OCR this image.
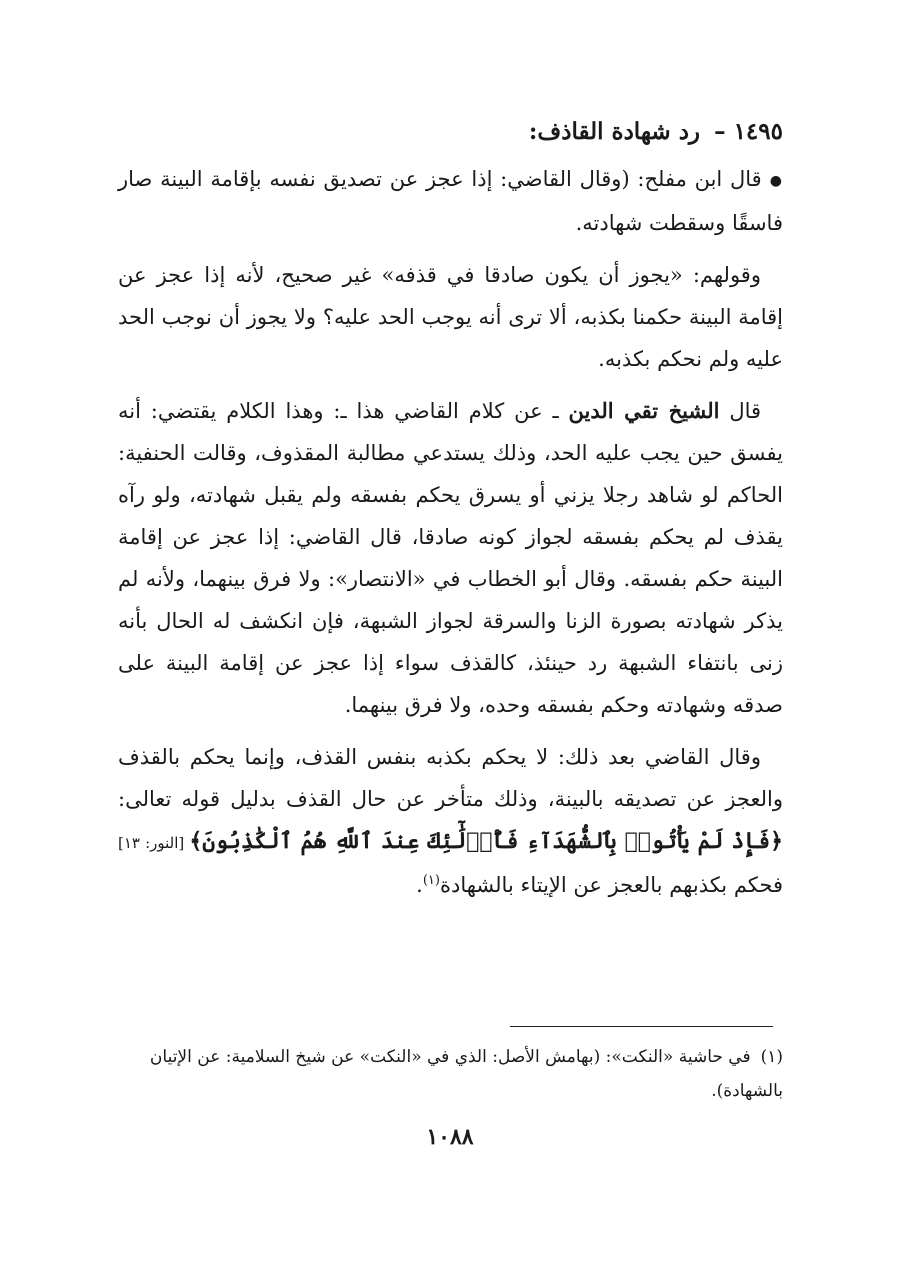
١٤٩٥ – رد شهادة القاذف:

●قال ابن مفلح: (وقال القاضي: إذا عجز عن تصديق نفسه بإقامة البينة صار فاسقًا وسقطت شهادته.

وقولهم: «يجوز أن يكون صادقا في قذفه» غير صحيح، لأنه إذا عجز عن إقامة البينة حكمنا بكذبه، ألا ترى أنه يوجب الحد عليه؟ ولا يجوز أن نوجب الحد عليه ولم نحكم بكذبه.

قال الشيخ تقي الدين ـ عن كلام القاضي هذا ـ: وهذا الكلام يقتضي: أنه يفسق حين يجب عليه الحد، وذلك يستدعي مطالبة المقذوف، وقالت الحنفية: الحاكم لو شاهد رجلا يزني أو يسرق يحكم بفسقه ولم يقبل شهادته، ولو رآه يقذف لم يحكم بفسقه لجواز كونه صادقا، قال القاضي: إذا عجز عن إقامة البينة حكم بفسقه. وقال أبو الخطاب في «الانتصار»: ولا فرق بينهما، ولأنه لم يذكر شهادته بصورة الزنا والسرقة لجواز الشبهة، فإن انكشف له الحال بأنه زنى بانتفاء الشبهة رد حينئذ، كالقذف سواء إذا عجز عن إقامة البينة على صدقه وشهادته وحكم بفسقه وحده، ولا فرق بينهما.

وقال القاضي بعد ذلك: لا يحكم بكذبه بنفس القذف، وإنما يحكم بالقذف والعجز عن تصديقه بالبينة، وذلك متأخر عن حال القذف بدليل قوله تعالى: ﴿فَإِذْ لَمْ يَأْتُوا۟ بِٱلشُّهَدَآءِ فَأُو۟لَٰٓئِكَ عِندَ ٱللَّهِ هُمُ ٱلْكَٰذِبُونَ﴾ [النور: ١٣] فحكم بكذبهم بالعجز عن الإيتاء بالشهادة$^{(١)}$.

(١)في حاشية «النكت»: (بهامش الأصل: الذي في «النكت» عن شيخ السلامية: عن الإتيان بالشهادة).
١٠٨٨
